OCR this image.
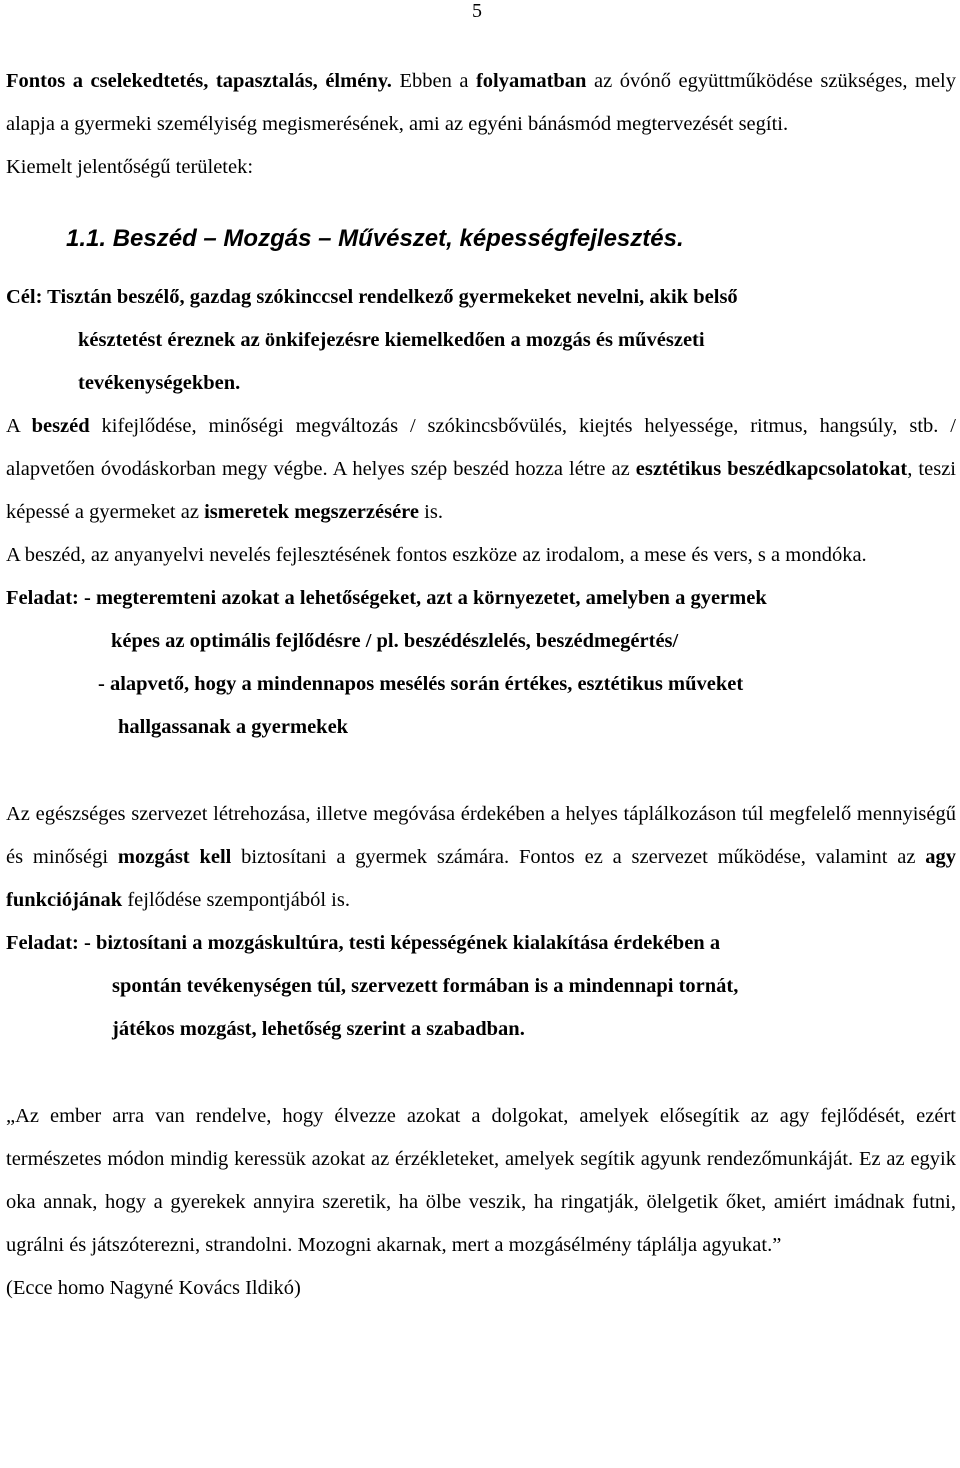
5

Fontos a cselekedtetés, tapasztalás, élmény. Ebben a folyamatban az óvónő együttműködése szükséges, mely alapja a gyermeki személyiség megismerésének, ami az egyéni bánásmód megtervezését segíti.

Kiemelt jelentőségű területek:

1.1. Beszéd – Mozgás – Művészet, képességfejlesztés.
Cél: Tisztán beszélő, gazdag szókinccsel rendelkező gyermekeket nevelni, akik belső
késztetést éreznek az önkifejezésre kiemelkedően a mozgás és művészeti
tevékenységekben.

A beszéd kifejlődése, minőségi megváltozás / szókincsbővülés, kiejtés helyessége, ritmus, hangsúly, stb. / alapvetően óvodáskorban megy végbe. A helyes szép beszéd hozza létre az esztétikus beszédkapcsolatokat, teszi képessé a gyermeket az ismeretek megszerzésére is.

A beszéd, az anyanyelvi nevelés fejlesztésének fontos eszköze az irodalom, a mese és vers, s a mondóka.

Feladat: - megteremteni azokat a lehetőségeket, azt a környezetet, amelyben a gyermek
képes az optimális fejlődésre / pl. beszédészlelés, beszédmegértés/
- alapvető, hogy a mindennapos mesélés során értékes, esztétikus műveket
hallgassanak a gyermekek

Az egészséges szervezet létrehozása, illetve megóvása érdekében a helyes táplálkozáson túl megfelelő mennyiségű és minőségi mozgást kell biztosítani a gyermek számára. Fontos ez a szervezet működése, valamint az agy funkciójának fejlődése szempontjából is.

Feladat: - biztosítani a mozgáskultúra, testi képességének kialakítása érdekében a
spontán tevékenységen túl, szervezett formában is a mindennapi tornát,
játékos mozgást, lehetőség szerint a szabadban.

„Az ember arra van rendelve, hogy élvezze azokat a dolgokat, amelyek elősegítik az agy fejlődését, ezért természetes módon mindig keressük azokat az érzékleteket, amelyek segítik agyunk rendezőmunkáját. Ez az egyik oka annak, hogy a gyerekek annyira szeretik, ha ölbe veszik, ha ringatják, ölelgetik őket, amiért imádnak futni, ugrálni és játszóterezni, strandolni. Mozogni akarnak, mert a mozgásélmény táplálja agyukat.”

(Ecce homo Nagyné Kovács Ildikó)
